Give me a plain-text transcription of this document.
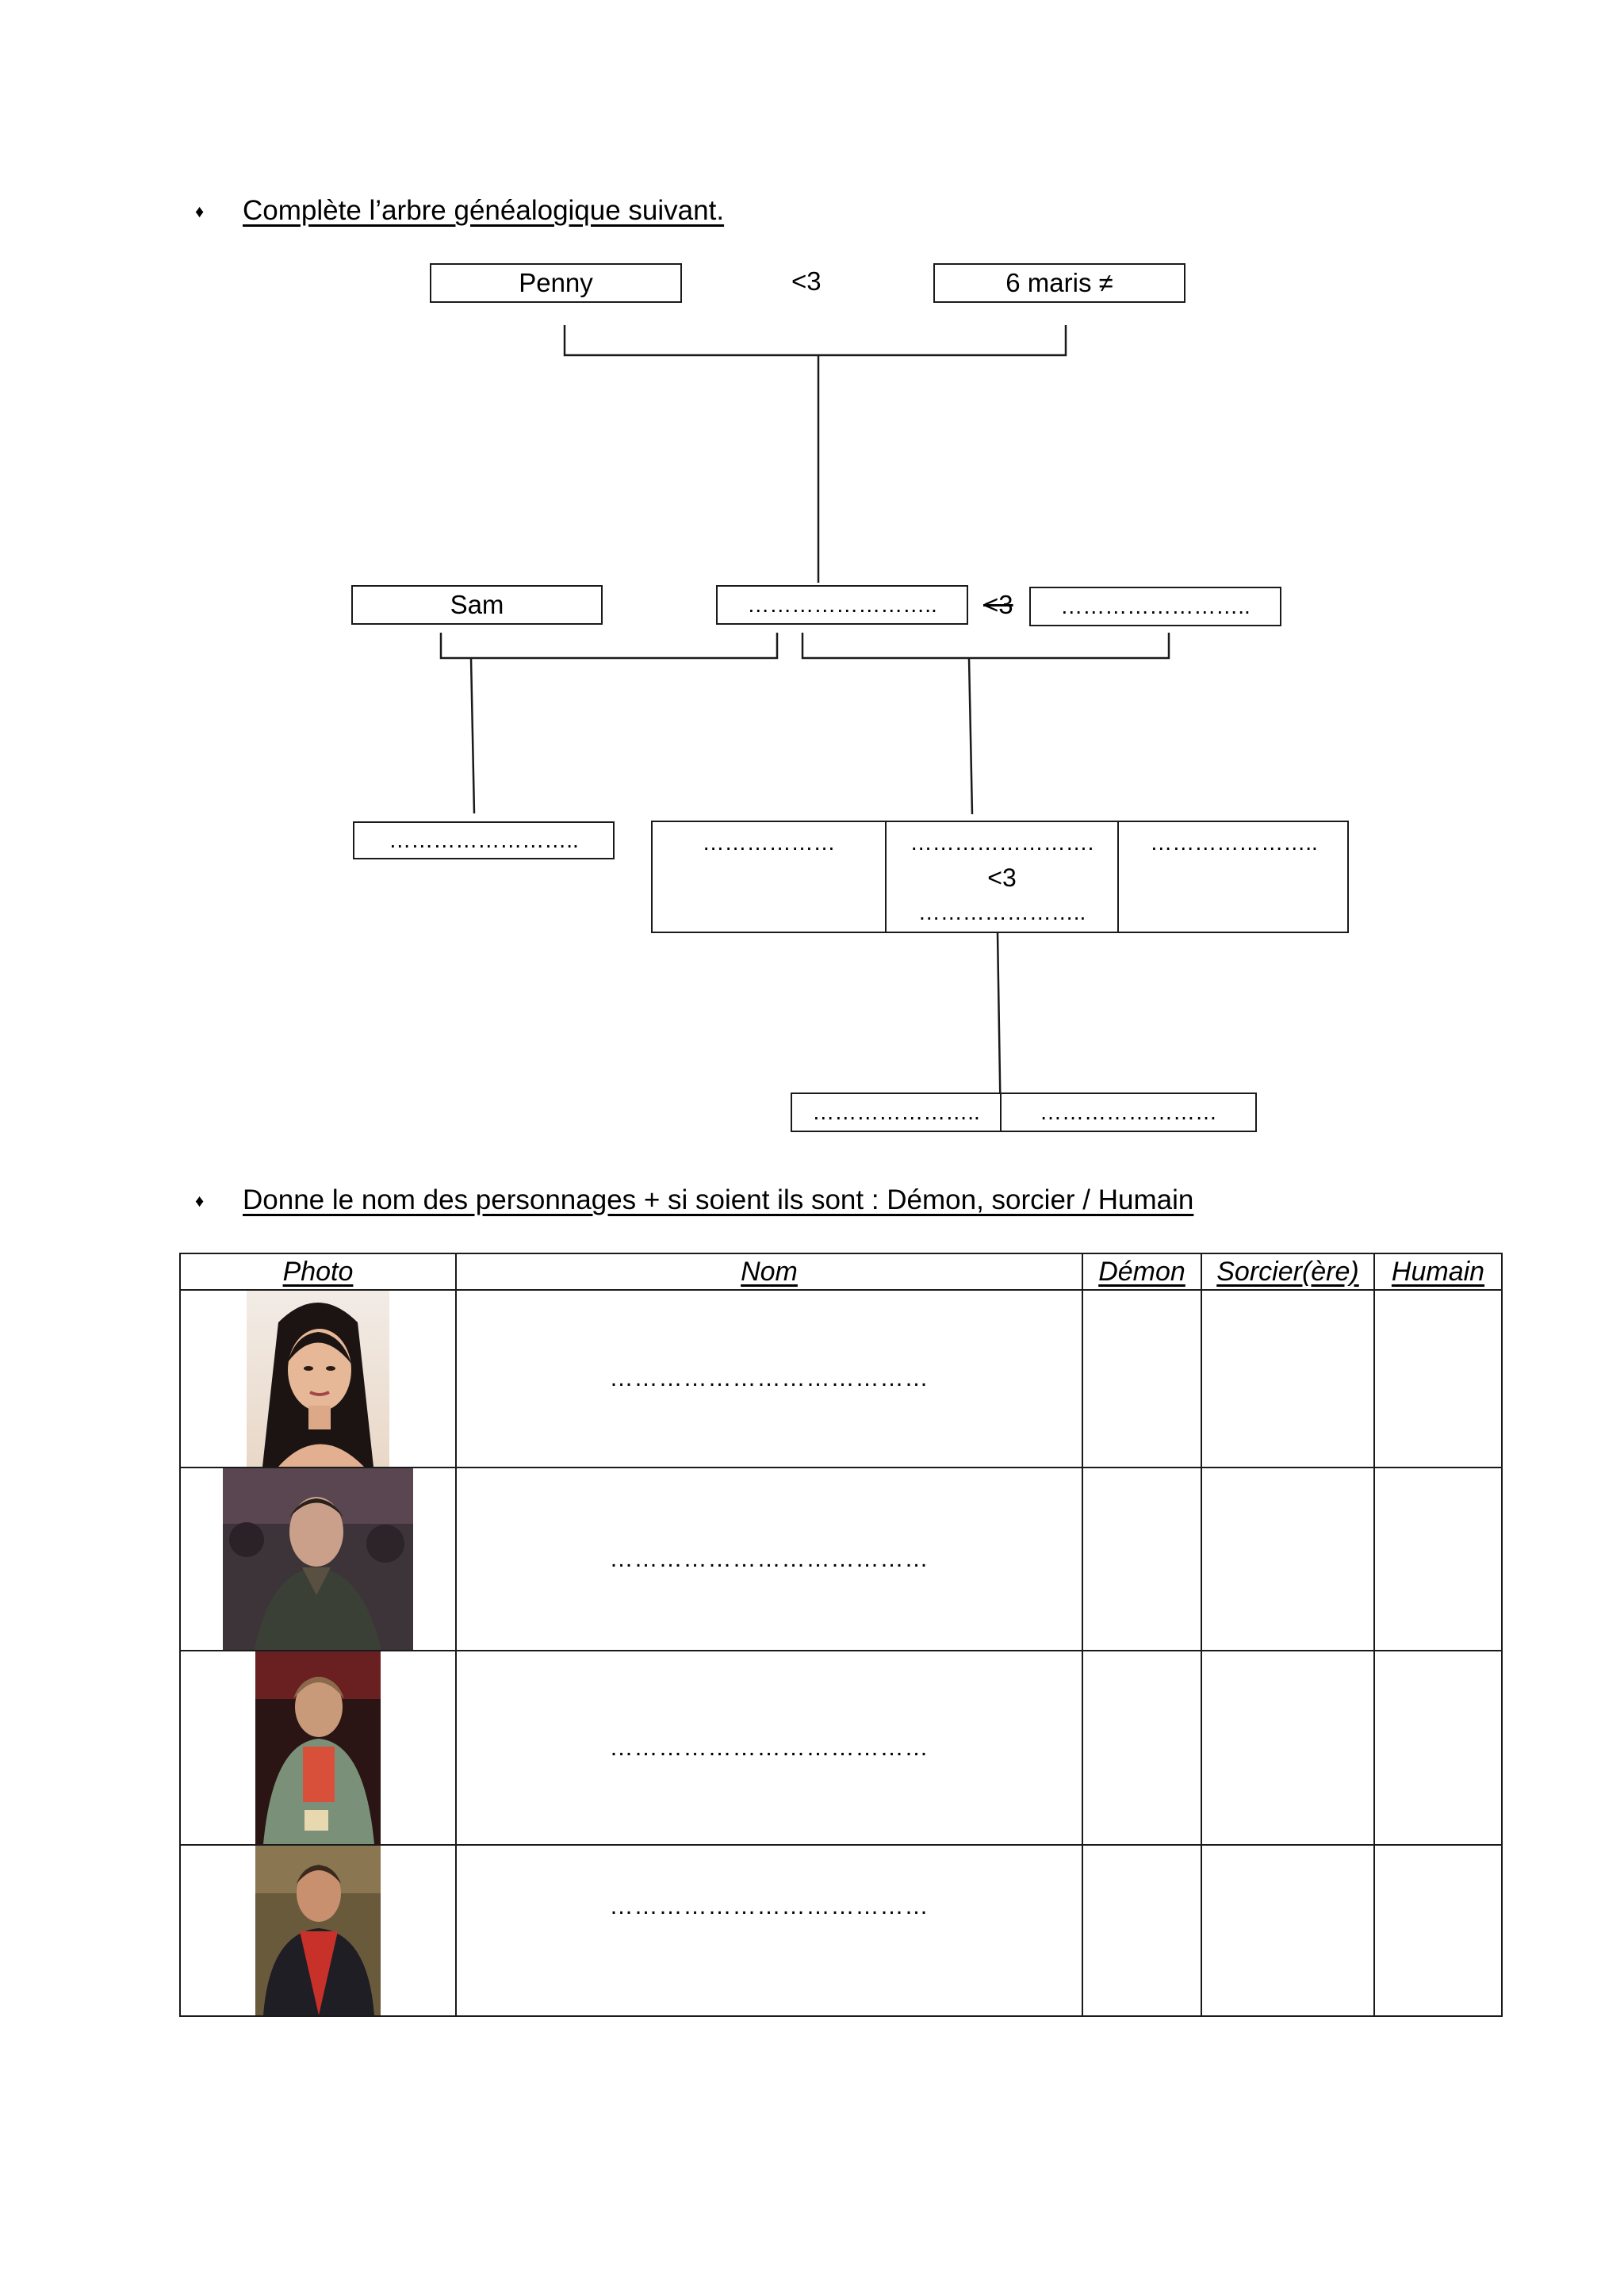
♦ Complète l’arbre généalogique suivant.
Penny	<3	6 maris ≠
Sam	……………………..	<3	……………………..
……………………..	………………	…………………….
<3
…………………..
…………………..
…………………..	……………………
♦ Donne le nom des personnages + si soient ils sont : Démon, sorcier / Humain
Photo	Nom	Démon	Sorcier(ère)	Humain

	…………………………………			

	…………………………………			

	…………………………………			

	…………………………………			
